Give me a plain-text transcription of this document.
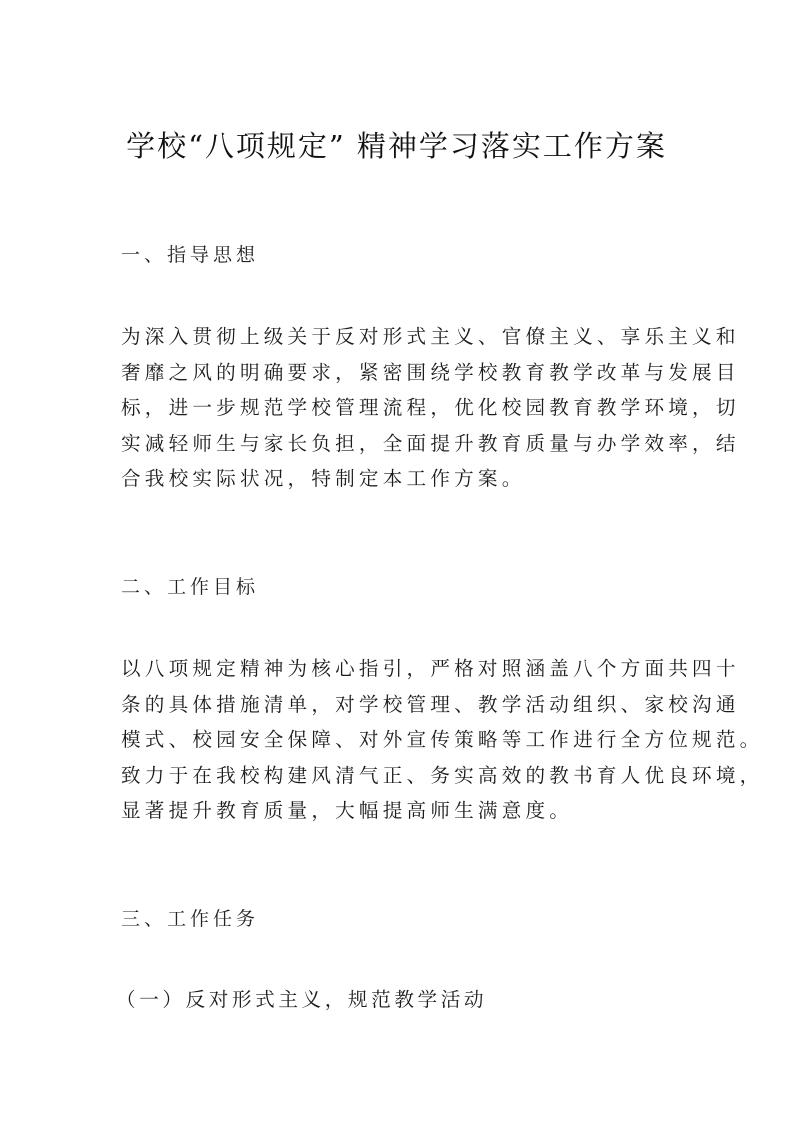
学校“八项规定” 精神学习落实工作方案
一、指导思想
为深入贯彻上级关于反对形式主义、官僚主义、享乐主义和
奢靡之风的明确要求，紧密围绕学校教育教学改革与发展目
标，进一步规范学校管理流程，优化校园教育教学环境，切
实减轻师生与家长负担，全面提升教育质量与办学效率，结
合我校实际状况，特制定本工作方案。
二、工作目标
以八项规定精神为核心指引，严格对照涵盖八个方面共四十
条的具体措施清单，对学校管理、教学活动组织、家校沟通
模式、校园安全保障、对外宣传策略等工作进行全方位规范。
致力于在我校构建风清气正、务实高效的教书育人优良环境，
显著提升教育质量，大幅提高师生满意度。
三、工作任务
（一）反对形式主义，规范教学活动
